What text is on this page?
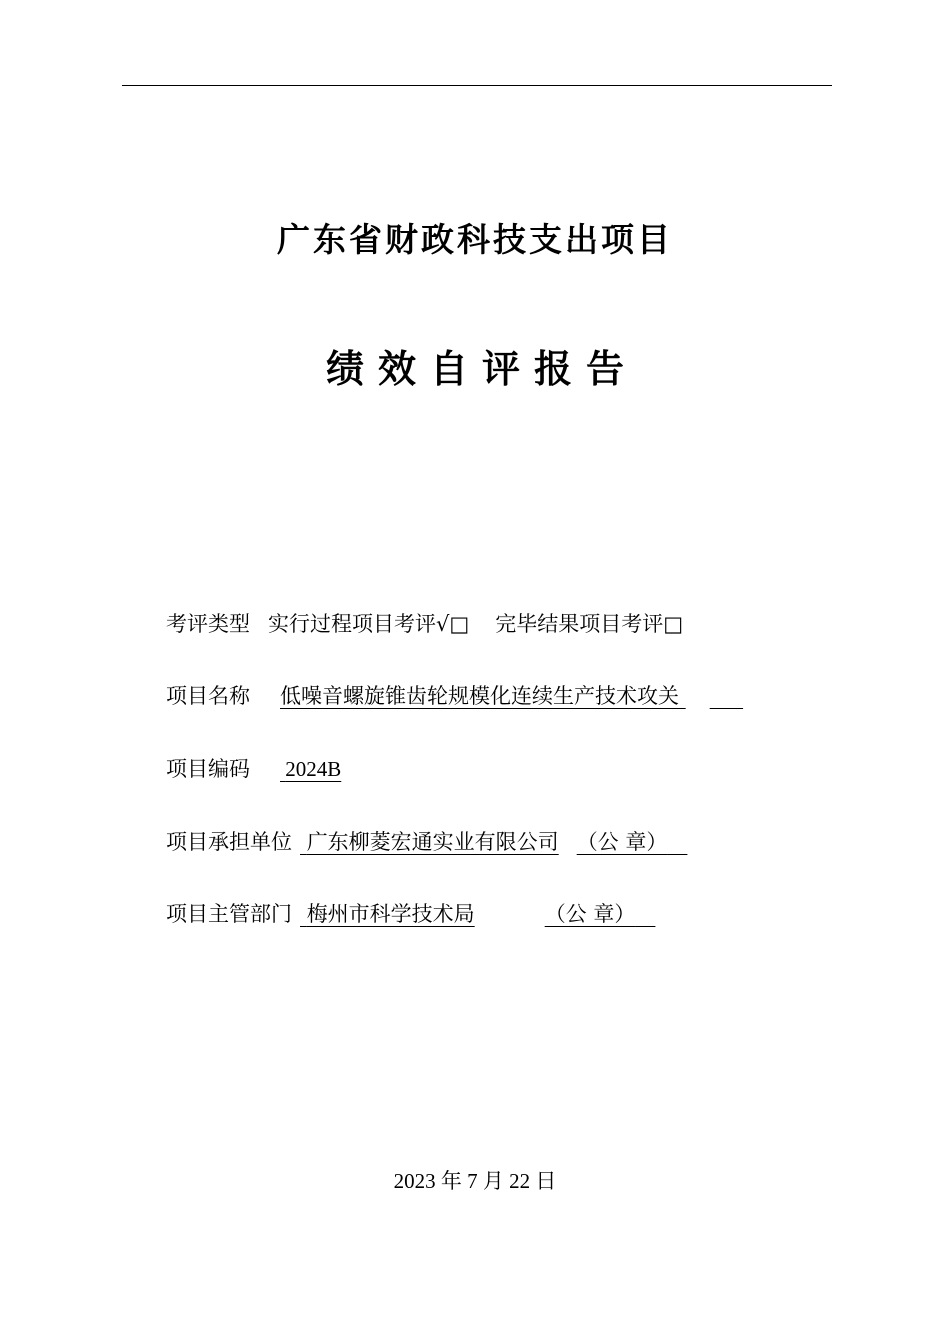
广东省财政科技支出项目
绩效自评报告
考评类型 实行过程项目考评√□ 完毕结果项目考评□
项目名称 低噪音螺旋锥齿轮规模化连续生产技术攻关
项目编码 2024B
项目承担单位 广东柳菱宏通实业有限公司 （公 章）
项目主管部门 梅州市科学技术局	（公 章）
2023 年 7 月 22 日
